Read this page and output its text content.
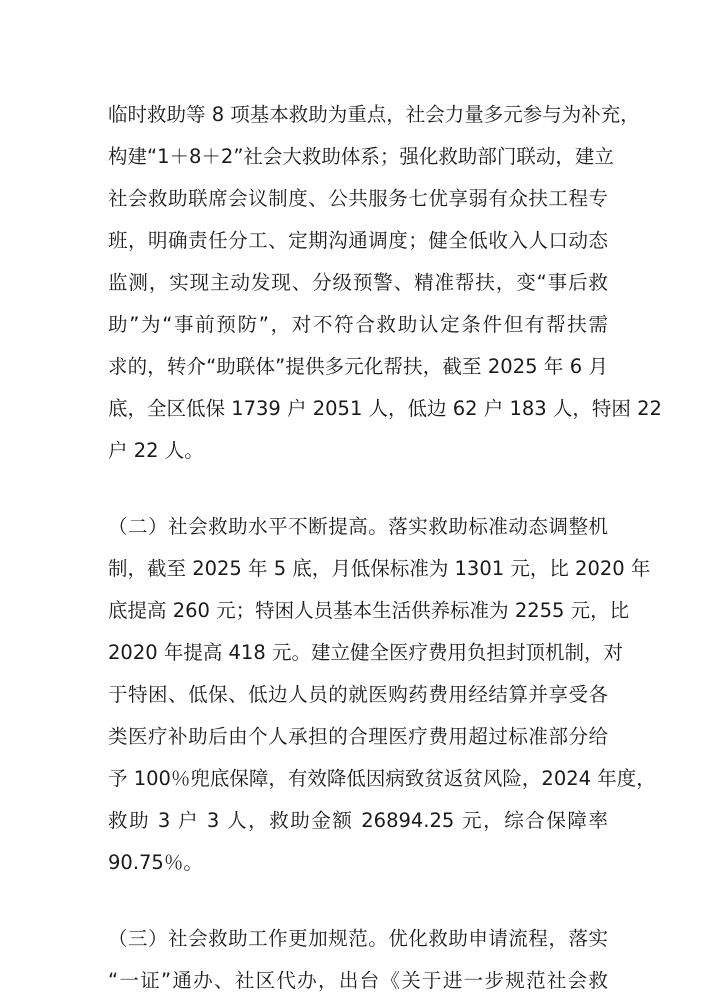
临时救助等 8 项基本救助为重点，社会力量多元参与为补充，
构建“1＋8＋2”社会大救助体系；强化救助部门联动，建立
社会救助联席会议制度、公共服务七优享弱有众扶工程专
班，明确责任分工、定期沟通调度；健全低收入人口动态
监测，实现主动发现、分级预警、精准帮扶，变“事后救
助”为“事前预防”，对不符合救助认定条件但有帮扶需
求的，转介“助联体”提供多元化帮扶，截至 2025 年 6 月
底，全区低保 1739 户 2051 人，低边 62 户 183 人，特困 22
户 22 人。
（二）社会救助水平不断提高。落实救助标准动态调整机
制，截至 2025 年 5 底，月低保标准为 1301 元，比 2020 年
底提高 260 元；特困人员基本生活供养标准为 2255 元，比
2020 年提高 418 元。建立健全医疗费用负担封顶机制，对
于特困、低保、低边人员的就医购药费用经结算并享受各
类医疗补助后由个人承担的合理医疗费用超过标准部分给
予 100％兜底保障，有效降低因病致贫返贫风险，2024 年度，
救助 3 户 3 人，救助金额 26894.25 元，综合保障率
90.75％。
（三）社会救助工作更加规范。优化救助申请流程，落实
“一证”通办、社区代办，出台《关于进一步规范社会救
